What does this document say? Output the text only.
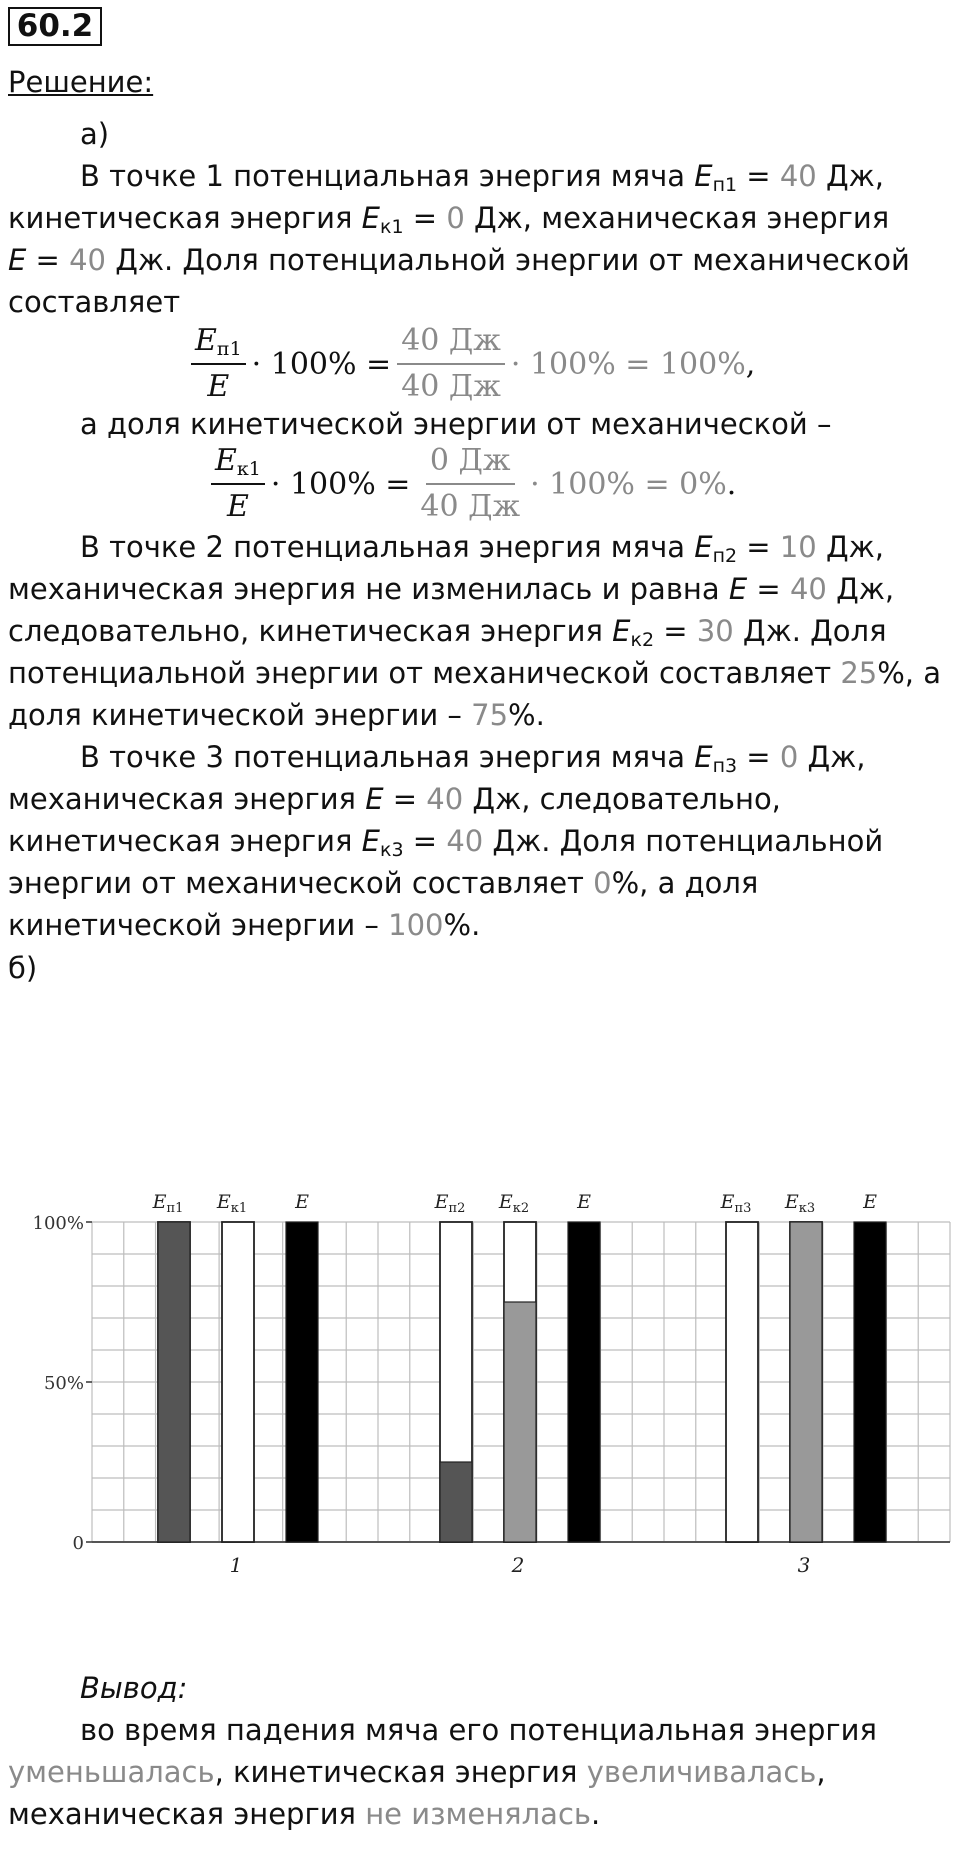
60.2
Решение:
а)
В точке 1 потенциальная энергия мяча $E_{п1} = 40$ Дж,
кинетическая энергия $E_{к1} = 0$ Дж, механическая энергия
E = 40 Дж. Доля потенциальной энергии от механической
составляет
$\frac{E_{п1}}{E} \cdot 100\% = \frac{40 Дж}{40 Дж} \cdot 100\% = 100\%$ ,
а доля кинетической энергии от механической –
$\frac{E_{к1}}{E} \cdot 100\% = \frac{0 Дж}{40 Дж} \cdot 100\% = 0\%$ .
В точке 2 потенциальная энергия мяча $E_{п2} = 10$ Дж,
механическая энергия не изменилась и равна E = 40 Дж,
следовательно, кинетическая энергия $E_{к2} = 30$ Дж. Доля
потенциальной энергии от механической составляет 25%, а
доля кинетической энергии – 75%.
В точке 3 потенциальная энергия мяча $E_{п3} = 0$ Дж,
механическая энергия E = 40 Дж, следовательно,
кинетическая энергия $E_{к3} = 40$ Дж. Доля потенциальной
энергии от механической составляет 0%, а доля
кинетической энергии – 100%.
б)
100%
50%
0
$E_{п1}$ $E_{к1}$	E
1
$E_{п2}$ $E_{к2}$	E
2
$E_{п3}$ $E_{к3}$	E
3
Вывод:
во время падения мяча его потенциальная энергия
уменьшалась, кинетическая энергия увеличивалась,
механическая энергия не изменялась.
